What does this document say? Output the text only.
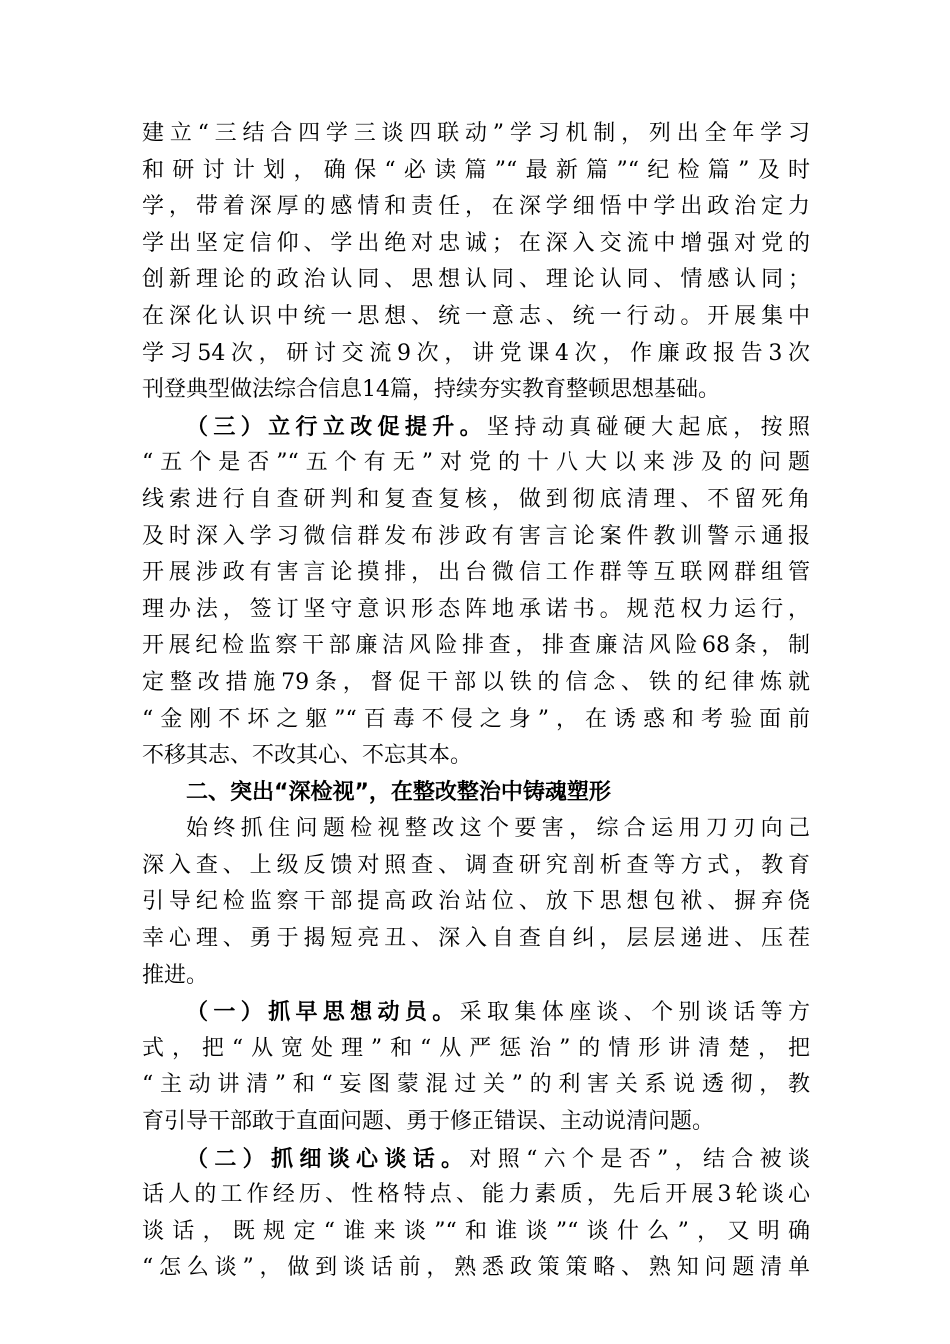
建立“三结合四学三谈四联动”学习机制，列出全年学习
和研讨计划，确保“必读篇”“最新篇”“纪检篇”及时
学，带着深厚的感情和责任，在深学细悟中学出政治定力
学出坚定信仰、学出绝对忠诚；在深入交流中增强对党的
创新理论的政治认同、思想认同、理论认同、情感认同；
在深化认识中统一思想、统一意志、统一行动。开展集中
学习54次，研讨交流9次，讲党课4次，作廉政报告3次
刊登典型做法综合信息14篇，持续夯实教育整顿思想基础。
（三）立行立改促提升。坚持动真碰硬大起底，按照
“五个是否”“五个有无”对党的十八大以来涉及的问题
线索进行自查研判和复查复核，做到彻底清理、不留死角
及时深入学习微信群发布涉政有害言论案件教训警示通报
开展涉政有害言论摸排，出台微信工作群等互联网群组管
理办法，签订坚守意识形态阵地承诺书。规范权力运行，
开展纪检监察干部廉洁风险排查，排查廉洁风险68条，制
定整改措施79条，督促干部以铁的信念、铁的纪律炼就
“金刚不坏之躯”“百毒不侵之身”，在诱惑和考验面前
不移其志、不改其心、不忘其本。
二、突出“深检视”，在整改整治中铸魂塑形
始终抓住问题检视整改这个要害，综合运用刀刃向己
深入查、上级反馈对照查、调查研究剖析查等方式，教育
引导纪检监察干部提高政治站位、放下思想包袱、摒弃侥
幸心理、勇于揭短亮丑、深入自查自纠，层层递进、压茬
推进。
（一）抓早思想动员。采取集体座谈、个别谈话等方
式，把“从宽处理”和“从严惩治”的情形讲清楚，把
“主动讲清”和“妄图蒙混过关”的利害关系说透彻，教
育引导干部敢于直面问题、勇于修正错误、主动说清问题。
（二）抓细谈心谈话。对照“六个是否”，结合被谈
话人的工作经历、性格特点、能力素质，先后开展3轮谈心
谈话，既规定“谁来谈”“和谁谈”“谈什么”，又明确
“怎么谈”，做到谈话前，熟悉政策策略、熟知问题清单
